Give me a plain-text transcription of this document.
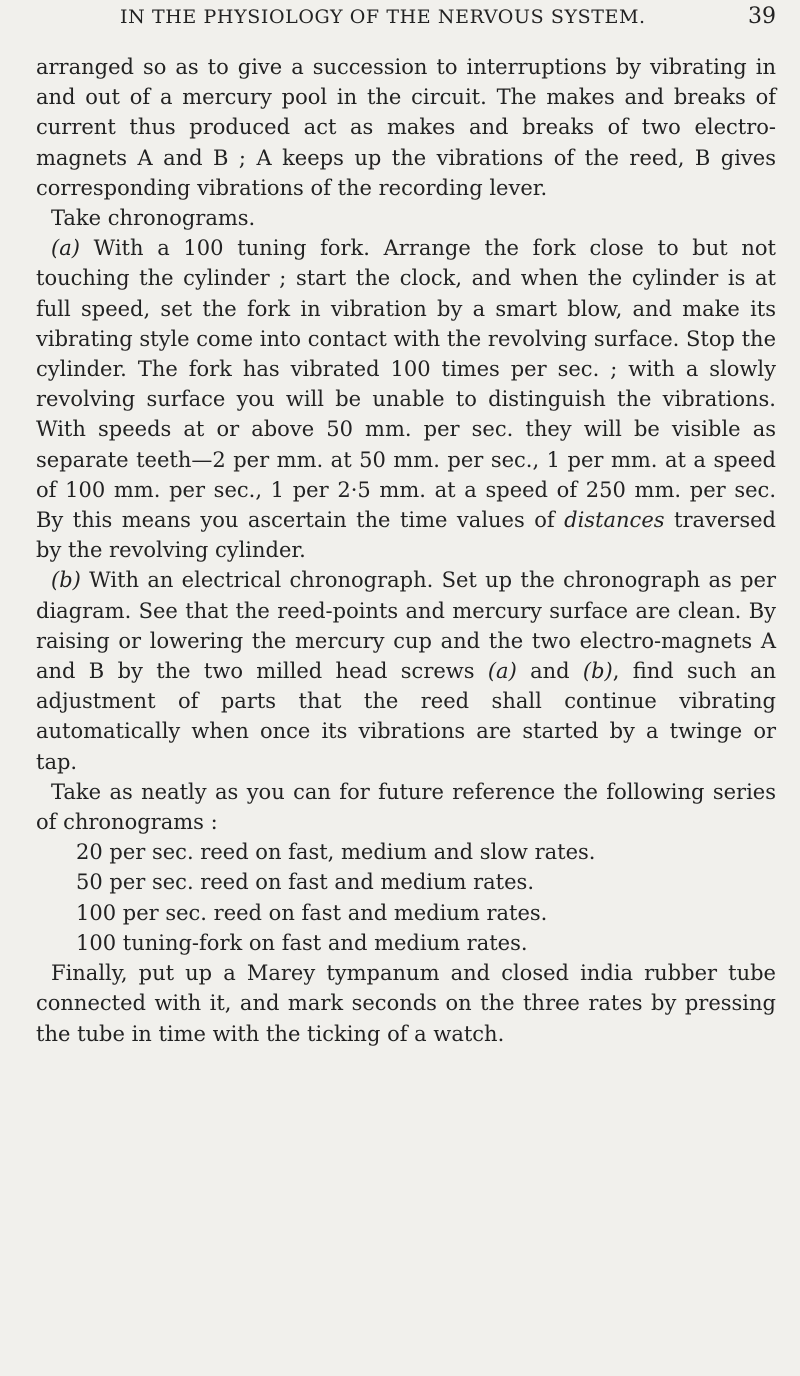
IN THE PHYSIOLOGY OF THE NERVOUS SYSTEM.	39

arranged so as to give a succession to interruptions by vibrating in and out of a mercury pool in the circuit. The makes and breaks of current thus produced act as makes and breaks of two electro-magnets A and B ; A keeps up the vibrations of the reed, B gives corresponding vibrations of the recording lever.

Take chronograms.

(a) With a 100 tuning fork. Arrange the fork close to but not touching the cylinder ; start the clock, and when the cylinder is at full speed, set the fork in vibration by a smart blow, and make its vibrating style come into contact with the revolving surface. Stop the cylinder. The fork has vibrated 100 times per sec. ; with a slowly revolving surface you will be unable to distinguish the vibrations. With speeds at or above 50 mm. per sec. they will be visible as separate teeth—2 per mm. at 50 mm. per sec., 1 per mm. at a speed of 100 mm. per sec., 1 per 2·5 mm. at a speed of 250 mm. per sec. By this means you ascertain the time values of distances traversed by the revolving cylinder.

(b) With an electrical chronograph. Set up the chronograph as per diagram. See that the reed-points and mercury surface are clean. By raising or lowering the mercury cup and the two electro-magnets A and B by the two milled head screws (a) and (b), find such an adjustment of parts that the reed shall continue vibrating automatically when once its vibrations are started by a twinge or tap.

Take as neatly as you can for future reference the following series of chronograms :

20 per sec. reed on fast, medium and slow rates.

50 per sec. reed on fast and medium rates.

100 per sec. reed on fast and medium rates.

100 tuning-fork on fast and medium rates.

Finally, put up a Marey tympanum and closed india rubber tube connected with it, and mark seconds on the three rates by pressing the tube in time with the ticking of a watch.
